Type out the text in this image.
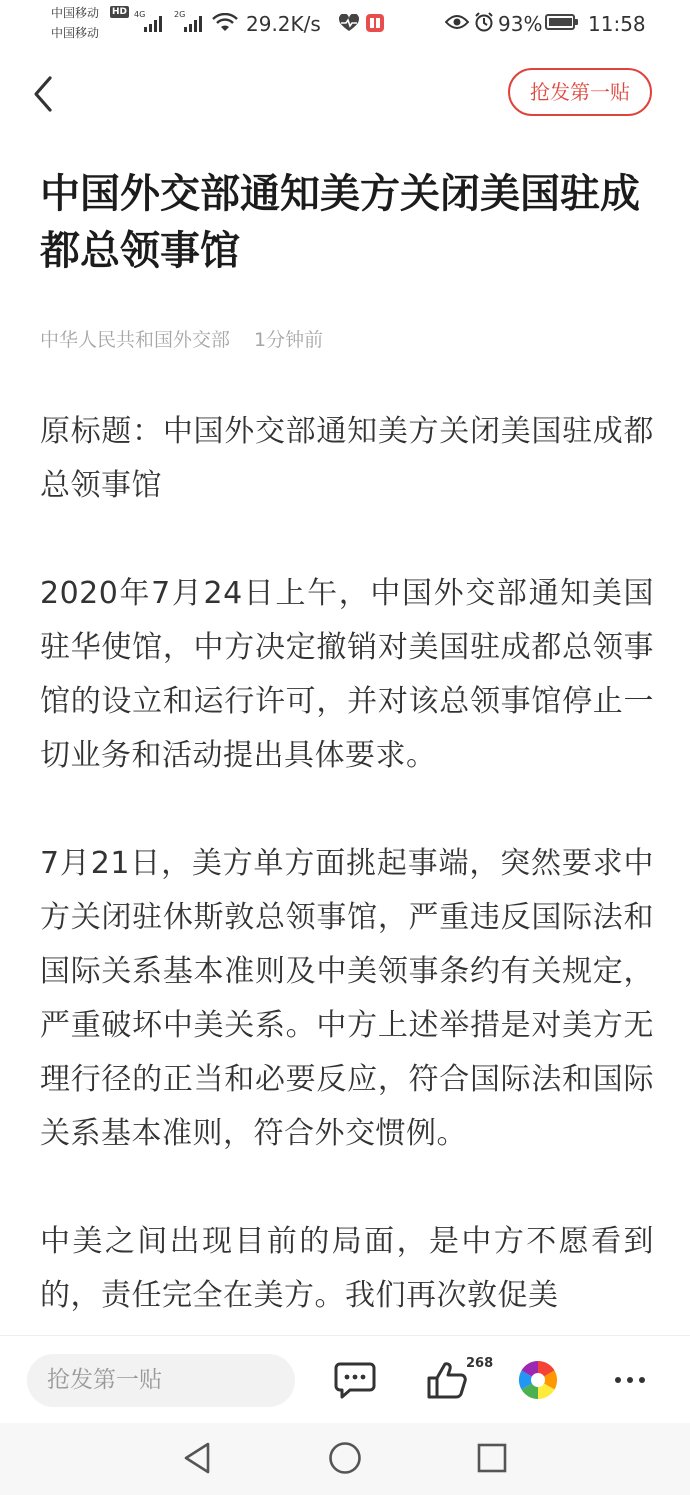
中国移动
中国移动
HD 4G	2G	29.2K/s	93% 11:58
抢发第一贴
中国外交部通知美方关闭美国驻成都总领事馆
中华人民共和国外交部 1分钟前

原标题：中国外交部通知美方关闭美国驻成都总领事馆

2020年7月24日上午，中国外交部通知美国驻华使馆，中方决定撤销对美国驻成都总领事馆的设立和运行许可，并对该总领事馆停止一切业务和活动提出具体要求。

7月21日，美方单方面挑起事端，突然要求中方关闭驻休斯敦总领事馆，严重违反国际法和国际关系基本准则及中美领事条约有关规定，严重破坏中美关系。中方上述举措是对美方无理行径的正当和必要反应，符合国际法和国际关系基本准则，符合外交惯例。

中美之间出现目前的局面，是中方不愿看到的，责任完全在美方。我们再次敦促美

抢发第一贴
268
